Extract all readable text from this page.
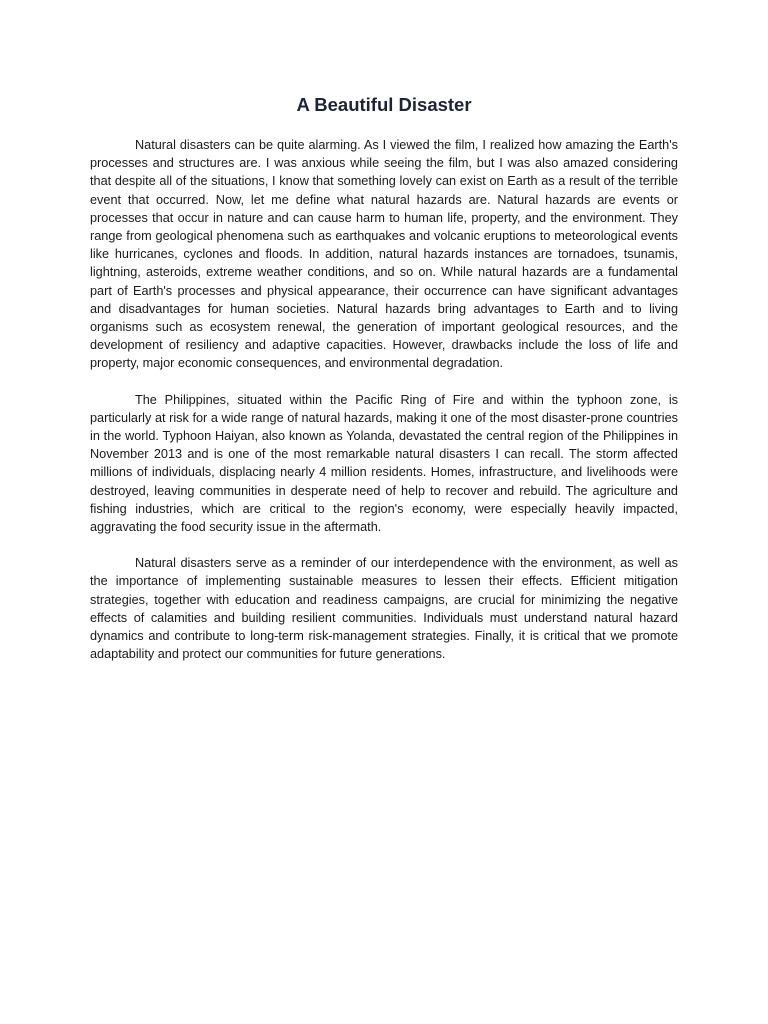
A Beautiful Disaster

Natural disasters can be quite alarming. As I viewed the film, I realized how amazing the Earth's processes and structures are. I was anxious while seeing the film, but I was also amazed considering that despite all of the situations, I know that something lovely can exist on Earth as a result of the terrible event that occurred. Now, let me define what natural hazards are. Natural hazards are events or processes that occur in nature and can cause harm to human life, property, and the environment. They range from geological phenomena such as earthquakes and volcanic eruptions to meteorological events like hurricanes, cyclones and floods. In addition, natural hazards instances are tornadoes, tsunamis, lightning, asteroids, extreme weather conditions, and so on. While natural hazards are a fundamental part of Earth's processes and physical appearance, their occurrence can have significant advantages and disadvantages for human societies. Natural hazards bring advantages to Earth and to living organisms such as ecosystem renewal, the generation of important geological resources, and the development of resiliency and adaptive capacities. However, drawbacks include the loss of life and property, major economic consequences, and environmental degradation.

The Philippines, situated within the Pacific Ring of Fire and within the typhoon zone, is particularly at risk for a wide range of natural hazards, making it one of the most disaster-prone countries in the world. Typhoon Haiyan, also known as Yolanda, devastated the central region of the Philippines in November 2013 and is one of the most remarkable natural disasters I can recall. The storm affected millions of individuals, displacing nearly 4 million residents. Homes, infrastructure, and livelihoods were destroyed, leaving communities in desperate need of help to recover and rebuild. The agriculture and fishing industries, which are critical to the region's economy, were especially heavily impacted, aggravating the food security issue in the aftermath.

Natural disasters serve as a reminder of our interdependence with the environment, as well as the importance of implementing sustainable measures to lessen their effects. Efficient mitigation strategies, together with education and readiness campaigns, are crucial for minimizing the negative effects of calamities and building resilient communities. Individuals must understand natural hazard dynamics and contribute to long-term risk-management strategies. Finally, it is critical that we promote adaptability and protect our communities for future generations.
